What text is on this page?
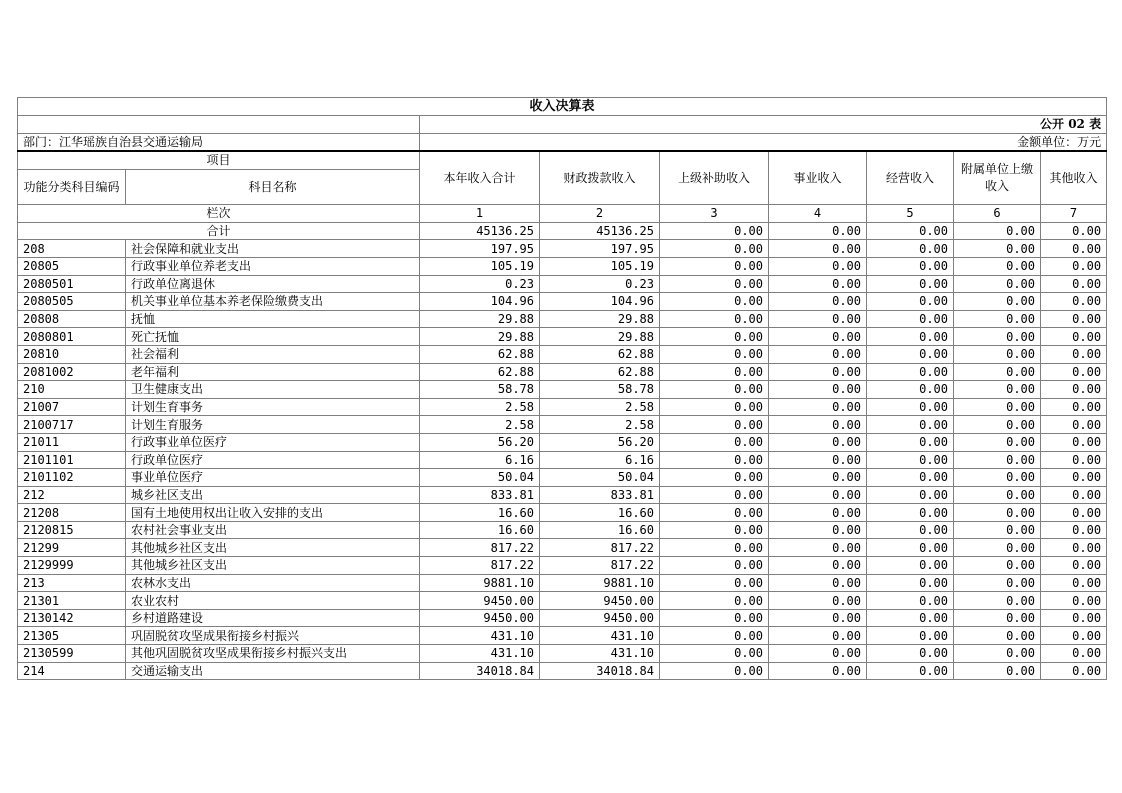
收入决算表								
		公开 02 表						
部门：江华瑶族自治县交通运输局		金额单位：万元						
项目		本年收入合计	财政拨款收入	上级补助收入	事业收入	经营收入	附属单位上缴收入	其他收入
功能分类科目编码	科目名称							
栏次		1	2	3	4	5	6	7
合计		45136.25	45136.25	0.00	0.00	0.00	0.00	0.00
208	社会保障和就业支出	197.95	197.95	0.00	0.00	0.00	0.00	0.00
20805	行政事业单位养老支出	105.19	105.19	0.00	0.00	0.00	0.00	0.00
2080501	行政单位离退休	0.23	0.23	0.00	0.00	0.00	0.00	0.00
2080505	机关事业单位基本养老保险缴费支出	104.96	104.96	0.00	0.00	0.00	0.00	0.00
20808	抚恤	29.88	29.88	0.00	0.00	0.00	0.00	0.00
2080801	死亡抚恤	29.88	29.88	0.00	0.00	0.00	0.00	0.00
20810	社会福利	62.88	62.88	0.00	0.00	0.00	0.00	0.00
2081002	老年福利	62.88	62.88	0.00	0.00	0.00	0.00	0.00
210	卫生健康支出	58.78	58.78	0.00	0.00	0.00	0.00	0.00
21007	计划生育事务	2.58	2.58	0.00	0.00	0.00	0.00	0.00
2100717	计划生育服务	2.58	2.58	0.00	0.00	0.00	0.00	0.00
21011	行政事业单位医疗	56.20	56.20	0.00	0.00	0.00	0.00	0.00
2101101	行政单位医疗	6.16	6.16	0.00	0.00	0.00	0.00	0.00
2101102	事业单位医疗	50.04	50.04	0.00	0.00	0.00	0.00	0.00
212	城乡社区支出	833.81	833.81	0.00	0.00	0.00	0.00	0.00
21208	国有土地使用权出让收入安排的支出	16.60	16.60	0.00	0.00	0.00	0.00	0.00
2120815	农村社会事业支出	16.60	16.60	0.00	0.00	0.00	0.00	0.00
21299	其他城乡社区支出	817.22	817.22	0.00	0.00	0.00	0.00	0.00
2129999	其他城乡社区支出	817.22	817.22	0.00	0.00	0.00	0.00	0.00
213	农林水支出	9881.10	9881.10	0.00	0.00	0.00	0.00	0.00
21301	农业农村	9450.00	9450.00	0.00	0.00	0.00	0.00	0.00
2130142	乡村道路建设	9450.00	9450.00	0.00	0.00	0.00	0.00	0.00
21305	巩固脱贫攻坚成果衔接乡村振兴	431.10	431.10	0.00	0.00	0.00	0.00	0.00
2130599	其他巩固脱贫攻坚成果衔接乡村振兴支出	431.10	431.10	0.00	0.00	0.00	0.00	0.00
214	交通运输支出	34018.84	34018.84	0.00	0.00	0.00	0.00	0.00
